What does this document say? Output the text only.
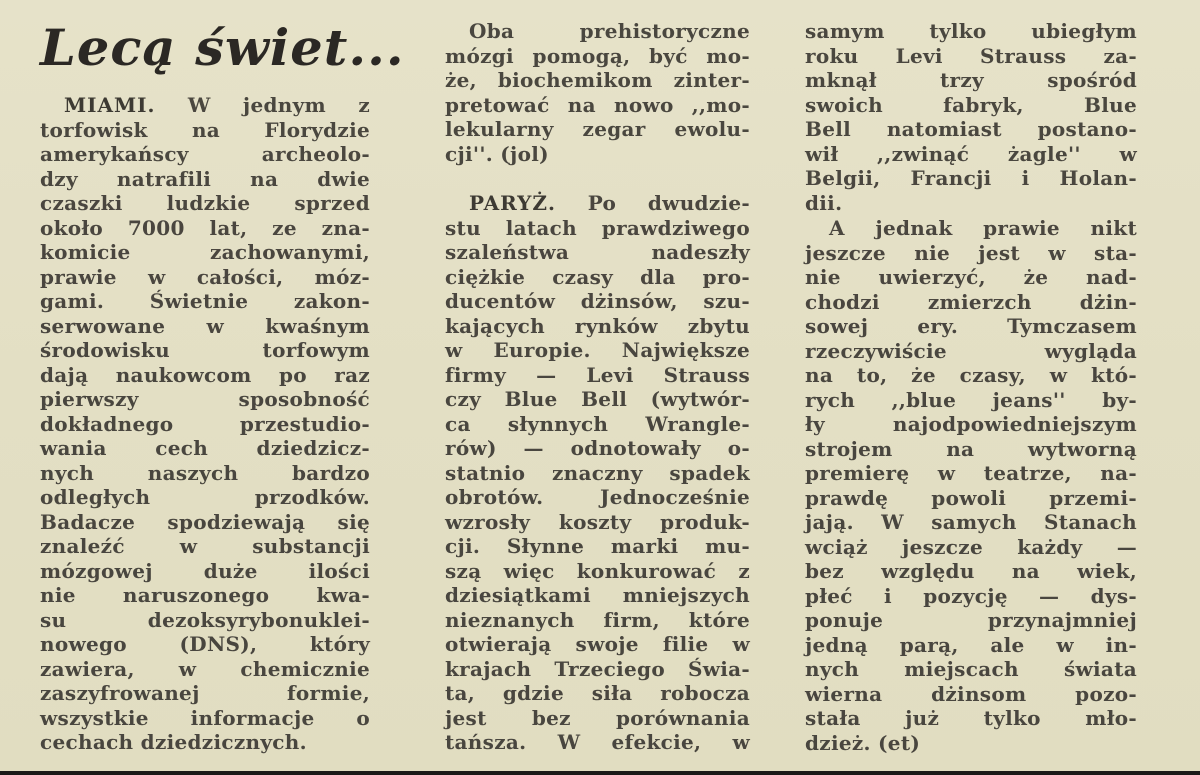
Lecą świet...
MIAMI. W jednym z
torfowisk na Florydzie
amerykańscy archeolo-
dzy natrafili na dwie
czaszki ludzkie sprzed
około 7000 lat, ze zna-
komicie zachowanymi,
prawie w całości, móz-
gami. Świetnie zakon-
serwowane w kwaśnym
środowisku torfowym
dają naukowcom po raz
pierwszy sposobność
dokładnego przestudio-
wania cech dziedzicz-
nych naszych bardzo
odległych przodków.
Badacze spodziewają się
znaleźć w substancji
mózgowej duże ilości
nie naruszonego kwa-
su dezoksyrybonuklei-
nowego (DNS), który
zawiera, w chemicznie
zaszyfrowanej formie,
wszystkie informacje o
cechach dziedzicznych.
Oba prehistoryczne
mózgi pomogą, być mo-
że, biochemikom zinter-
pretować na nowo ,,mo-
lekularny zegar ewolu-
cji''. (jol)
PARYŻ. Po dwudzie-
stu latach prawdziwego
szaleństwa nadeszły
ciężkie czasy dla pro-
ducentów dżinsów, szu-
kających rynków zbytu
w Europie. Największe
firmy — Levi Strauss
czy Blue Bell (wytwór-
ca słynnych Wrangle-
rów) — odnotowały o-
statnio znaczny spadek
obrotów. Jednocześnie
wzrosły koszty produk-
cji. Słynne marki mu-
szą więc konkurować z
dziesiątkami mniejszych
nieznanych firm, które
otwierają swoje filie w
krajach Trzeciego Świa-
ta, gdzie siła robocza
jest bez porównania
tańsza. W efekcie, w
samym tylko ubiegłym
roku Levi Strauss za-
mknął trzy spośród
swoich fabryk, Blue
Bell natomiast postano-
wił ,,zwinąć żagle'' w
Belgii, Francji i Holan-
dii.
A jednak prawie nikt
jeszcze nie jest w sta-
nie uwierzyć, że nad-
chodzi zmierzch dżin-
sowej ery. Tymczasem
rzeczywiście wygląda
na to, że czasy, w któ-
rych ,,blue jeans'' by-
ły najodpowiedniejszym
strojem na wytworną
premierę w teatrze, na-
prawdę powoli przemi-
jają. W samych Stanach
wciąż jeszcze każdy —
bez względu na wiek,
płeć i pozycję — dys-
ponuje przynajmniej
jedną parą, ale w in-
nych miejscach świata
wierna dżinsom pozo-
stała już tylko mło-
dzież. (et)
